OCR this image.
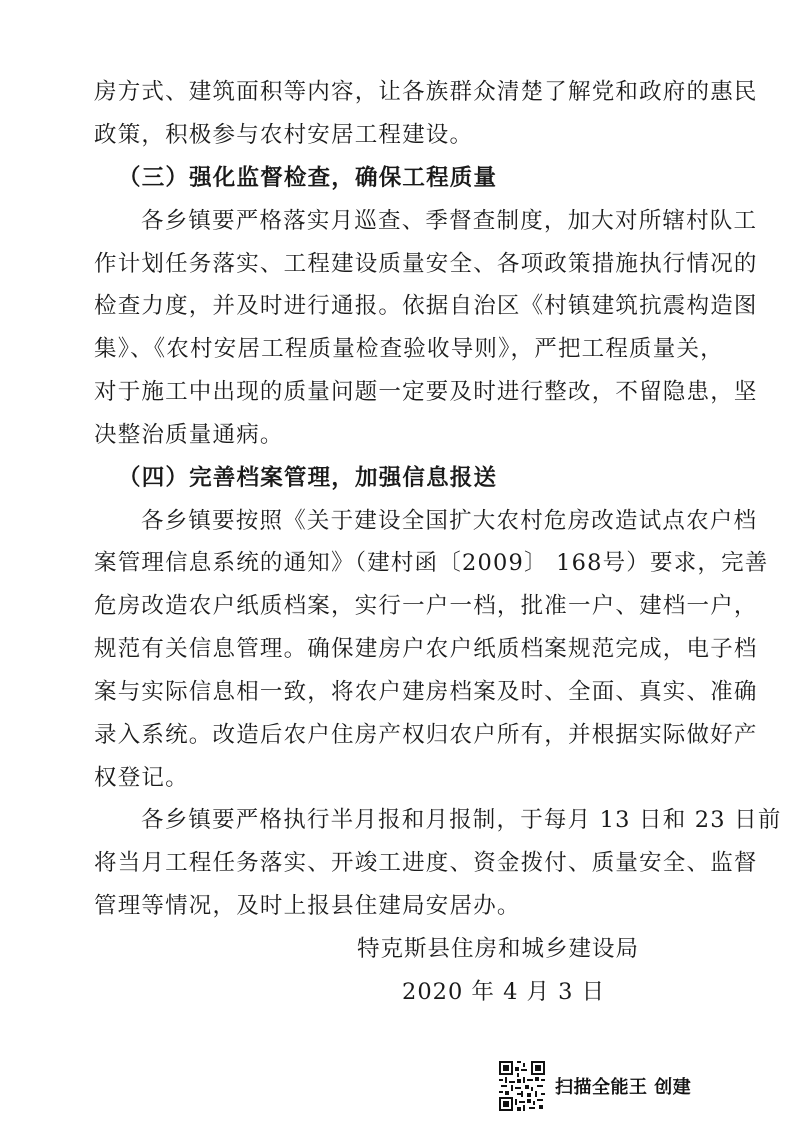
房方式、建筑面积等内容，让各族群众清楚了解党和政府的惠民
政策，积极参与农村安居工程建设。
（三）强化监督检查，确保工程质量
各乡镇要严格落实月巡查、季督查制度，加大对所辖村队工
作计划任务落实、工程建设质量安全、各项政策措施执行情况的
检查力度，并及时进行通报。依据自治区《村镇建筑抗震构造图
集》、《农村安居工程质量检查验收导则》，严把工程质量关，
对于施工中出现的质量问题一定要及时进行整改，不留隐患，坚
决整治质量通病。
（四）完善档案管理，加强信息报送
各乡镇要按照《关于建设全国扩大农村危房改造试点农户档
案管理信息系统的通知》（建村函〔2009〕 168号）要求，完善
危房改造农户纸质档案，实行一户一档，批准一户、建档一户，
规范有关信息管理。确保建房户农户纸质档案规范完成，电子档
案与实际信息相一致，将农户建房档案及时、全面、真实、准确
录入系统。改造后农户住房产权归农户所有，并根据实际做好产
权登记。
各乡镇要严格执行半月报和月报制，于每月 13 日和 23 日前
将当月工程任务落实、开竣工进度、资金拨付、质量安全、监督
管理等情况，及时上报县住建局安居办。
特克斯县住房和城乡建设局
2020 年 4 月 3 日
扫描全能王 创建
